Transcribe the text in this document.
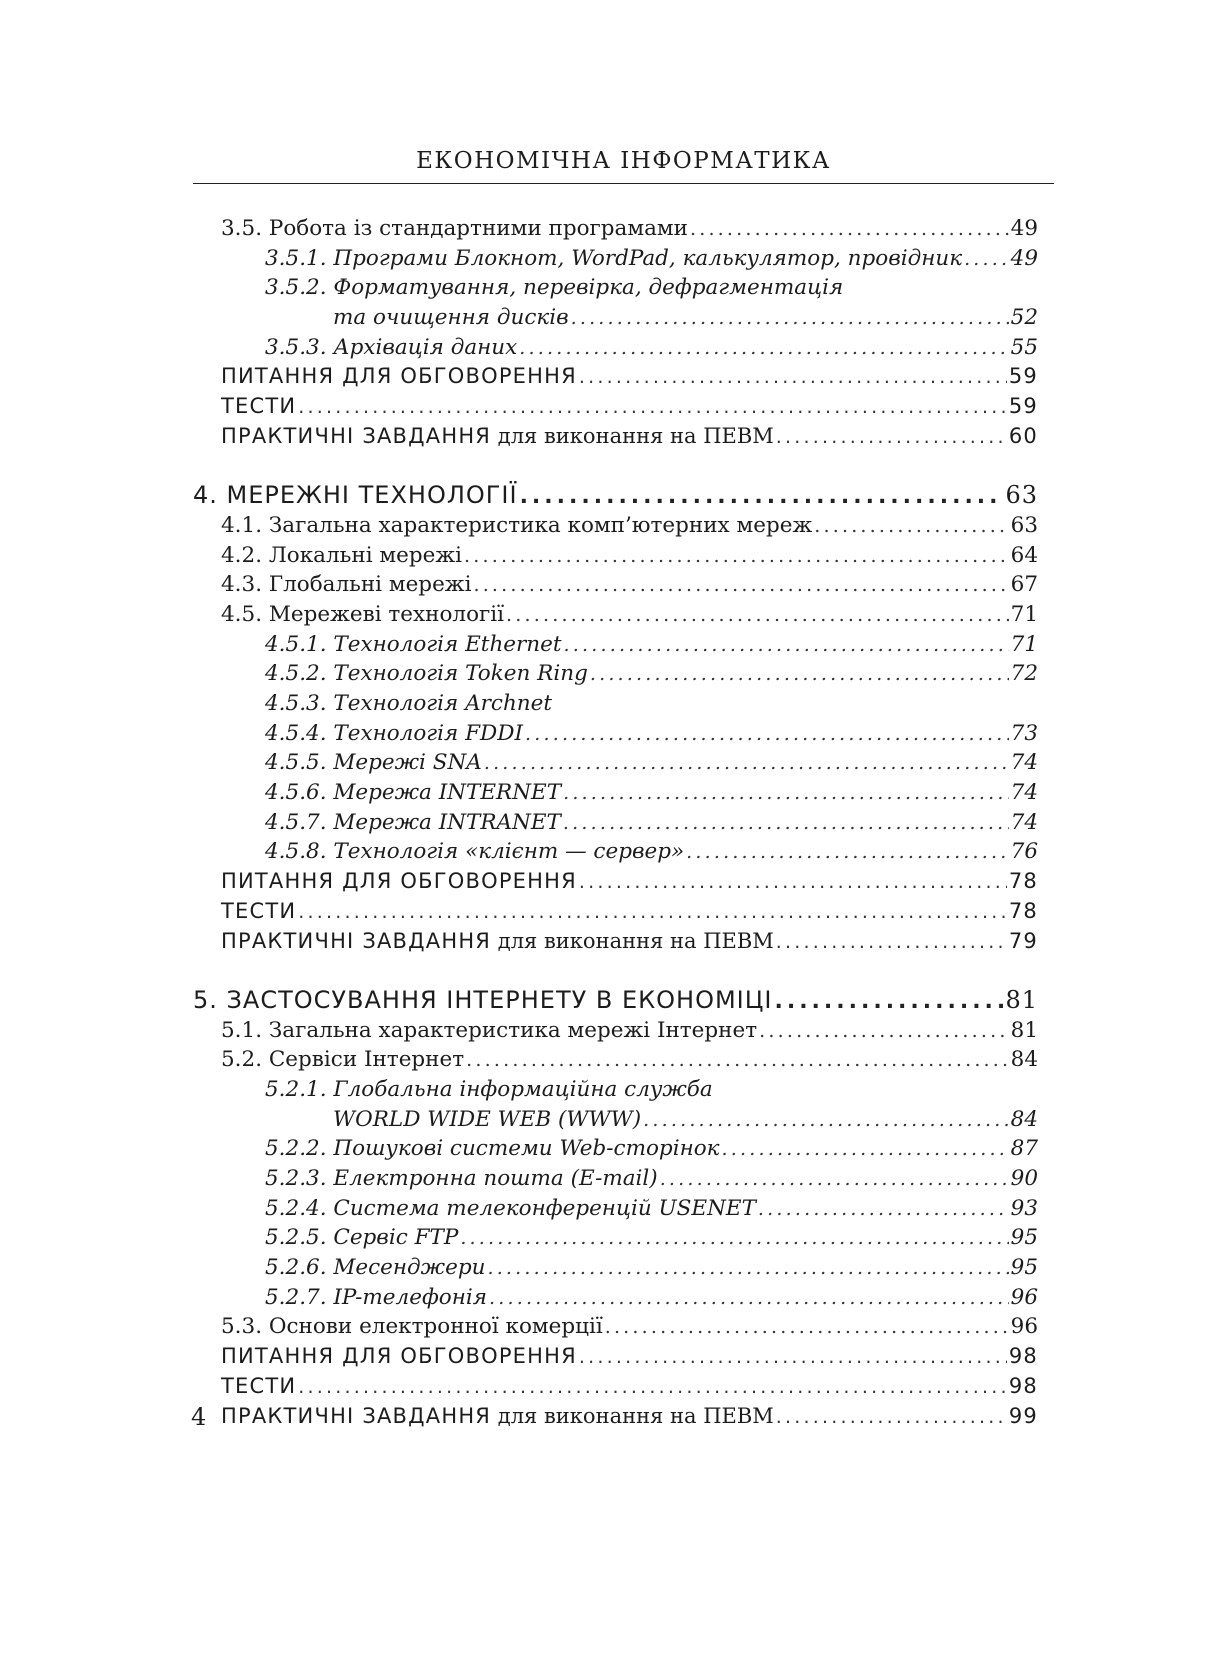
ЕКОНОМІЧНА ІНФОРМАТИКА
3.5. Робота із стандартними програмами .....	49
3.5.1. Програми Блокнот, WordPad, калькулятор, провідник ..... 49
3.5.2. Форматування, перевірка, дефрагментація
та очищення дисків .....	52
3.5.3. Архівація даних .....	55
ПИТАННЯ ДЛЯ ОБГОВОРЕННЯ .....	59
ТЕСТИ .....	59
ПРАКТИЧНІ ЗАВДАННЯ для виконання на ПЕВМ .....	60
4. МЕРЕЖНІ ТЕХНОЛОГІЇ .....	63
4.1. Загальна характеристика комп’ютерних мереж .....	63
4.2. Локальні мережі .....	64
4.3. Глобальні мережі .....	67
4.5. Мережеві технології .....	71
4.5.1. Технологія Ethernet .....	71
4.5.2. Технологія Token Ring .....	72
4.5.3. Технологія Archnet
4.5.4. Технологія FDDI .....	73
4.5.5. Мережі SNA .....	74
4.5.6. Мережа INTERNET .....	74
4.5.7. Мережа INTRANET .....	74
4.5.8. Технологія «клієнт — сервер» .....	76
ПИТАННЯ ДЛЯ ОБГОВОРЕННЯ .....	78
ТЕСТИ .....	78
ПРАКТИЧНІ ЗАВДАННЯ для виконання на ПЕВМ .....	79
5. ЗАСТОСУВАННЯ ІНТЕРНЕТУ В ЕКОНОМІЦІ .....	81
5.1. Загальна характеристика мережі Інтернет .....	81
5.2. Сервіси Інтернет .....	84
5.2.1. Глобальна інформаційна служба
WORLD WIDE WEB (WWW) .....	84
5.2.2. Пошукові системи Web-сторінок .....	87
5.2.3. Електронна пошта (E-mail) .....	90
5.2.4. Система телеконференцій USENET .....	93
5.2.5. Сервіс FTP .....	95
5.2.6. Месенджери .....	95
5.2.7. IP-телефонія .....	96
5.3. Основи електронної комерції .....	96
ПИТАННЯ ДЛЯ ОБГОВОРЕННЯ .....	98
ТЕСТИ .....	98
ПРАКТИЧНІ ЗАВДАННЯ для виконання на ПЕВМ .....	99
4
